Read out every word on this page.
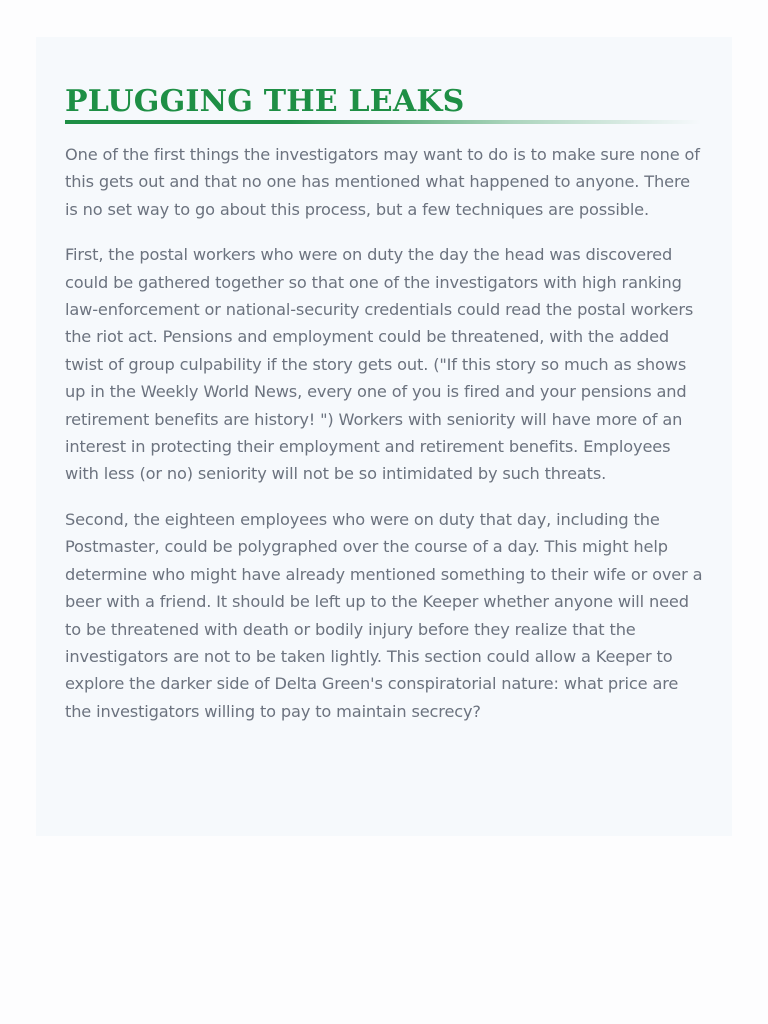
PLUGGING THE LEAKS

One of the first things the investigators may want to do is to make sure none of this gets out and that no one has mentioned what happened to anyone. There is no set way to go about this process, but a few techniques are possible.

First, the postal workers who were on duty the day the head was discovered could be gathered together so that one of the investigators with high ranking law-enforcement or national-security credentials could read the postal workers the riot act. Pensions and employment could be threatened, with the added twist of group culpability if the story gets out. ("If this story so much as shows up in the Weekly World News, every one of you is fired and your pensions and retirement benefits are history! ") Workers with seniority will have more of an interest in protecting their employment and retirement benefits. Employees with less (or no) seniority will not be so intimidated by such threats.

Second, the eighteen employees who were on duty that day, including the Postmaster, could be polygraphed over the course of a day. This might help determine who might have already mentioned something to their wife or over a beer with a friend. It should be left up to the Keeper whether anyone will need to be threatened with death or bodily injury before they realize that the investigators are not to be taken lightly. This section could allow a Keeper to explore the darker side of Delta Green's conspiratorial nature: what price are the investigators willing to pay to maintain secrecy?
